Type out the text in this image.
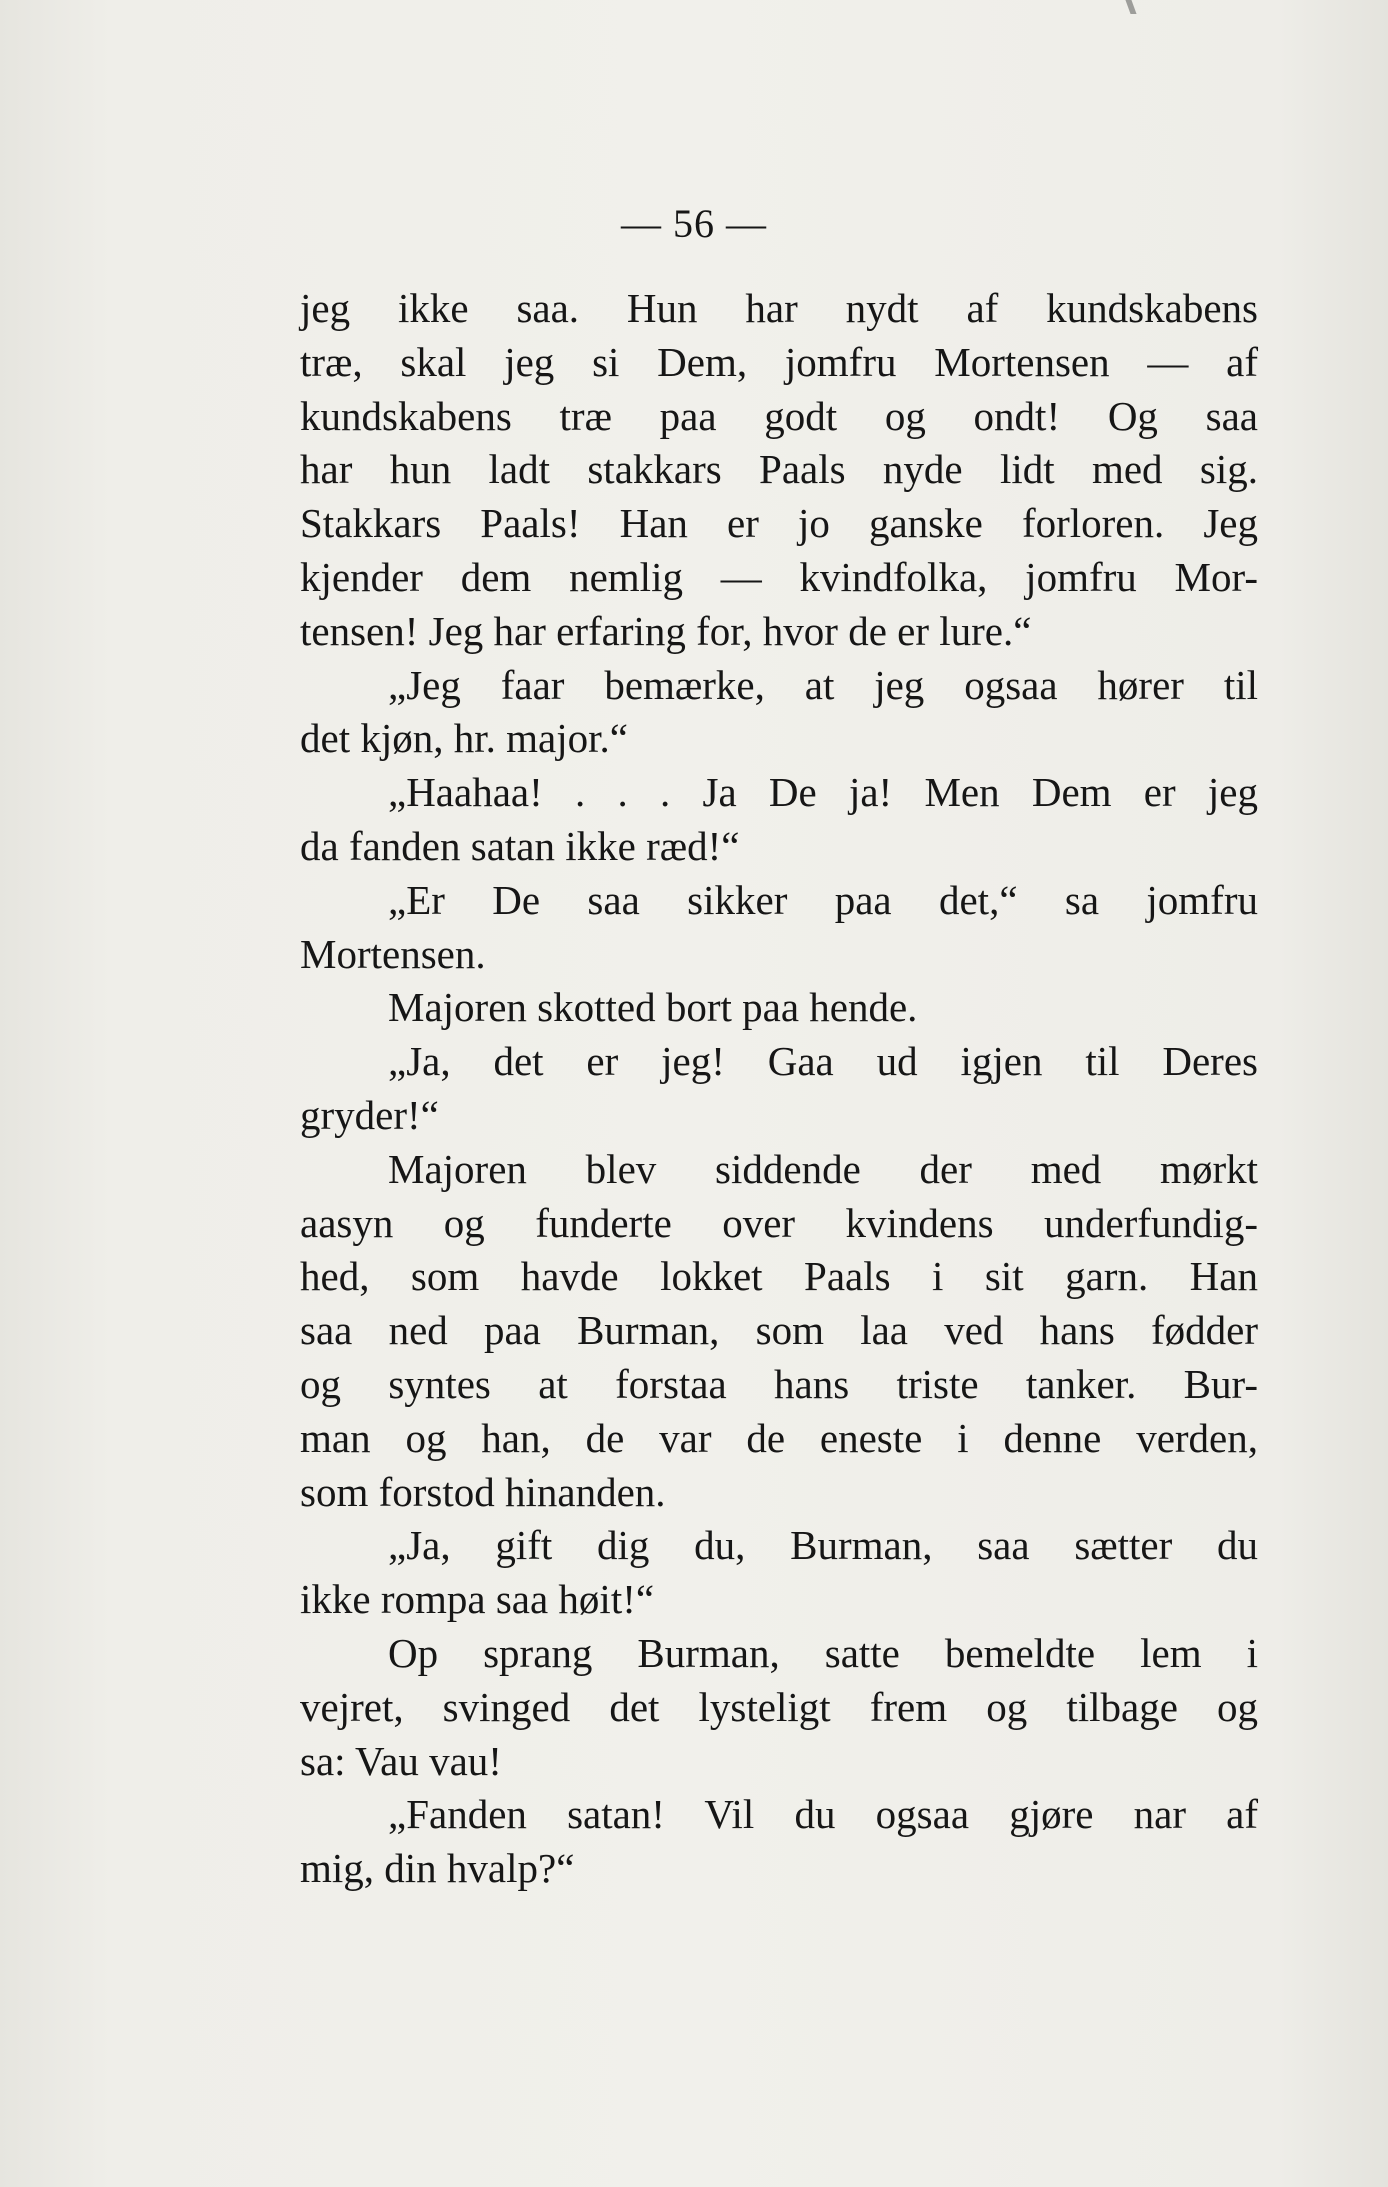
— 56 —
jeg ikke saa. Hun har nydt af kundskabens
træ, skal jeg si Dem, jomfru Mortensen — af
kundskabens træ paa godt og ondt! Og saa
har hun ladt stakkars Paals nyde lidt med sig.
Stakkars Paals! Han er jo ganske forloren. Jeg
kjender dem nemlig — kvindfolka, jomfru Mor-
tensen! Jeg har erfaring for, hvor de er lure.“
„Jeg faar bemærke, at jeg ogsaa hører til
det kjøn, hr. major.“
„Haahaa! . . . Ja De ja! Men Dem er jeg
da fanden satan ikke ræd!“
„Er De saa sikker paa det,“ sa jomfru
Mortensen.
Majoren skotted bort paa hende.
„Ja, det er jeg! Gaa ud igjen til Deres
gryder!“
Majoren blev siddende der med mørkt
aasyn og funderte over kvindens underfundig-
hed, som havde lokket Paals i sit garn. Han
saa ned paa Burman, som laa ved hans fødder
og syntes at forstaa hans triste tanker. Bur-
man og han, de var de eneste i denne verden,
som forstod hinanden.
„Ja, gift dig du, Burman, saa sætter du
ikke rompa saa høit!“
Op sprang Burman, satte bemeldte lem i
vejret, svinged det lysteligt frem og tilbage og
sa: Vau vau!
„Fanden satan! Vil du ogsaa gjøre nar af
mig, din hvalp?“
